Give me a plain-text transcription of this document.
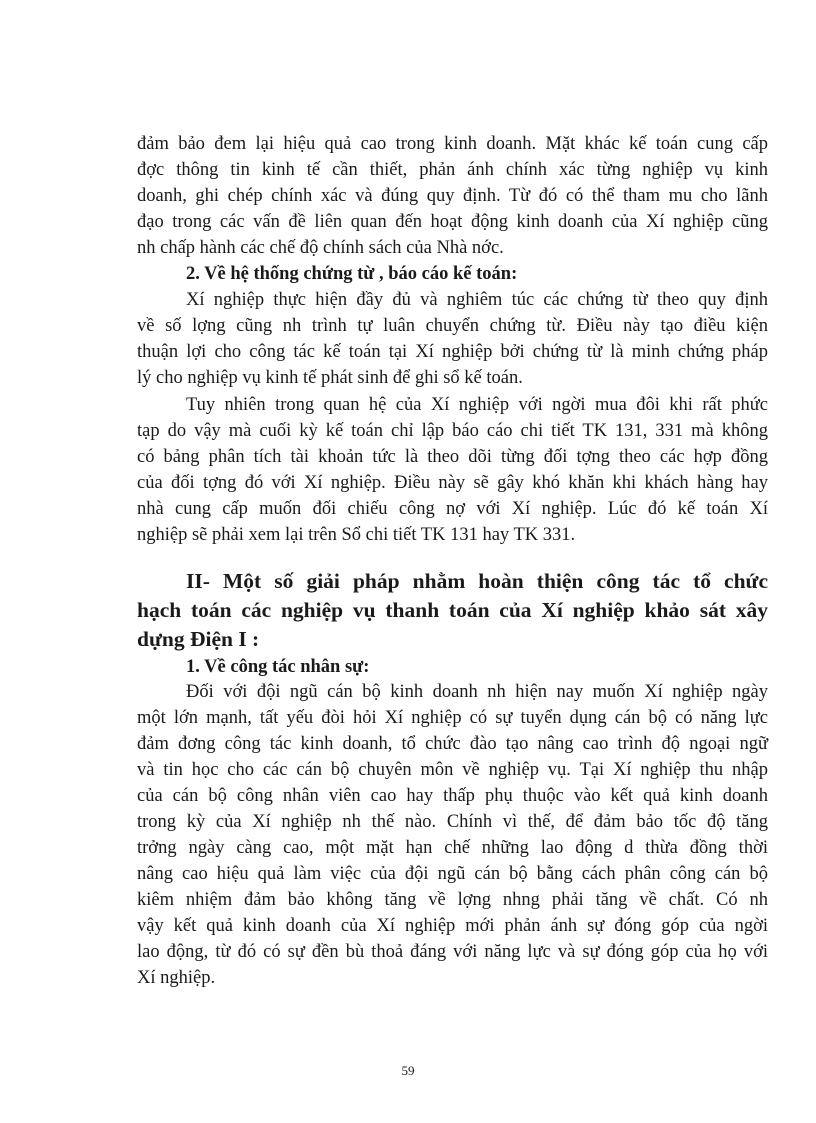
đảm bảo đem lại hiệu quả cao trong kinh doanh. Mặt khác kế toán cung cấp
đợc thông tin kinh tế cần thiết, phản ánh chính xác từng nghiệp vụ kinh
doanh, ghi chép chính xác và đúng quy định. Từ đó có thể tham mu cho lãnh
đạo trong các vấn đề liên quan đến hoạt động kinh doanh của Xí nghiệp cũng
nh chấp hành các chế độ chính sách của Nhà nớc.
2. Về hệ thống chứng từ , báo cáo kế toán:
Xí nghiệp thực hiện đầy đủ và nghiêm túc các chứng từ theo quy định
về số lợng cũng nh trình tự luân chuyển chứng từ. Điều này tạo điều kiện
thuận lợi cho công tác kế toán tại Xí nghiệp bởi chứng từ là minh chứng pháp
lý cho nghiệp vụ kinh tế phát sinh để ghi sổ kế toán.
Tuy nhiên trong quan hệ của Xí nghiệp với ngời mua đôi khi rất phức
tạp do vậy mà cuối kỳ kế toán chỉ lập báo cáo chi tiết TK 131, 331 mà không
có bảng phân tích tài khoản tức là theo dõi từng đối tợng theo các hợp đồng
của đối tợng đó với Xí nghiệp. Điều này sẽ gây khó khăn khi khách hàng hay
nhà cung cấp muốn đối chiếu công nợ với Xí nghiệp. Lúc đó kế toán Xí
nghiệp sẽ phải xem lại trên Sổ chi tiết TK 131 hay TK 331.
II- Một số giải pháp nhằm hoàn thiện công tác tổ chức
hạch toán các nghiệp vụ thanh toán của Xí nghiệp khảo sát xây
dựng Điện I :
1. Về công tác nhân sự:
Đối với đội ngũ cán bộ kinh doanh nh hiện nay muốn Xí nghiệp ngày
một lớn mạnh, tất yếu đòi hỏi Xí nghiệp có sự tuyển dụng cán bộ có năng lực
đảm đơng công tác kinh doanh, tổ chức đào tạo nâng cao trình độ ngoại ngữ
và tin học cho các cán bộ chuyên môn về nghiệp vụ. Tại Xí nghiệp thu nhập
của cán bộ công nhân viên cao hay thấp phụ thuộc vào kết quả kinh doanh
trong kỳ của Xí nghiệp nh thế nào. Chính vì thế, để đảm bảo tốc độ tăng
trởng ngày càng cao, một mặt hạn chế những lao động d thừa đồng thời
nâng cao hiệu quả làm việc của đội ngũ cán bộ bằng cách phân công cán bộ
kiêm nhiệm đảm bảo không tăng về lợng nhng phải tăng về chất. Có nh
vậy kết quả kinh doanh của Xí nghiệp mới phản ánh sự đóng góp của ngời
lao động, từ đó có sự đền bù thoả đáng với năng lực và sự đóng góp của họ với
Xí nghiệp.
59
